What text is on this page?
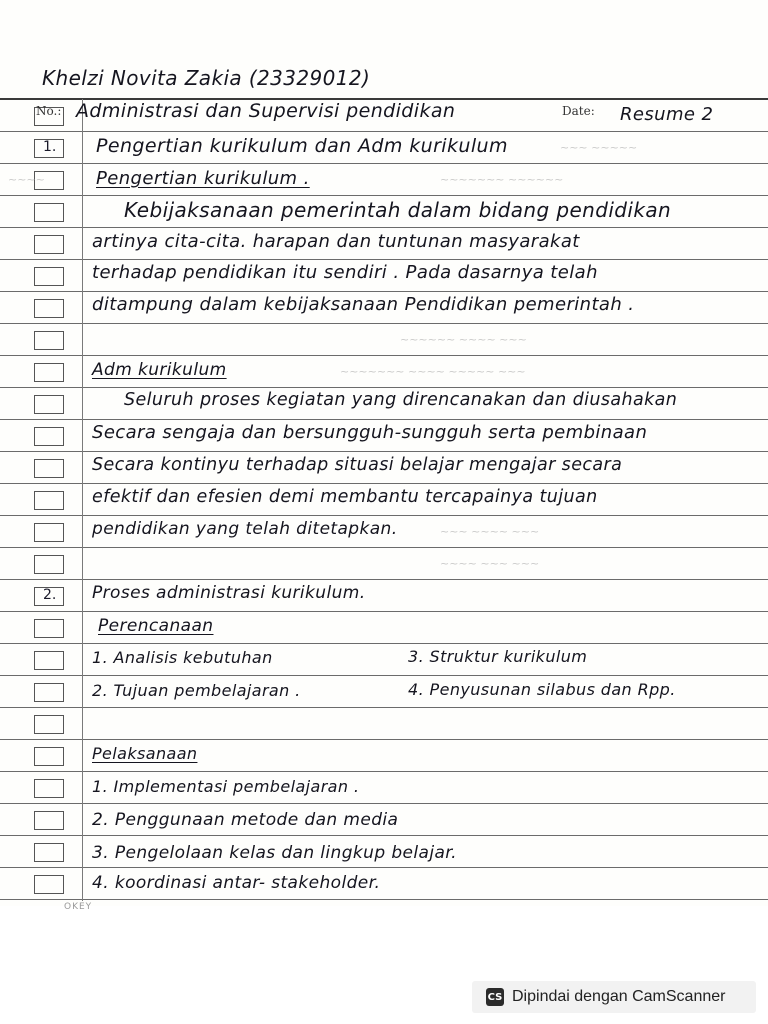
1.
2.
~~~ ~~~~~
~~~~	~~~~~~~ ~~~~~~
~~~~~~ ~~~~ ~~~
~~~~~~~ ~~~~ ~~~~~ ~~~
~~~ ~~~~ ~~~
~~~~ ~~~ ~~~
Khelzi Novita Zakia (23329012)
No.: Administrasi dan Supervisi pendidikan	Date: Resume 2
Pengertian kurikulum dan Adm kurikulum
Pengertian kurikulum .
Kebijaksanaan pemerintah dalam bidang pendidikan
artinya cita-cita. harapan dan tuntunan masyarakat
terhadap pendidikan itu sendiri . Pada dasarnya telah
ditampung dalam kebijaksanaan Pendidikan pemerintah .
Adm kurikulum
Seluruh proses kegiatan yang direncanakan dan diusahakan
Secara sengaja dan bersungguh-sungguh serta pembinaan
Secara kontinyu terhadap situasi belajar mengajar secara
efektif dan efesien demi membantu tercapainya tujuan
pendidikan yang telah ditetapkan.
Proses administrasi kurikulum.
Perencanaan
1. Analisis kebutuhan
2. Tujuan pembelajaran .
3. Struktur kurikulum
4. Penyusunan silabus dan Rpp.
Pelaksanaan
1. Implementasi pembelajaran .
2. Penggunaan metode dan media
3. Pengelolaan kelas dan lingkup belajar.
4. koordinasi antar- stakeholder.
OKEY
CS Dipindai dengan CamScanner
